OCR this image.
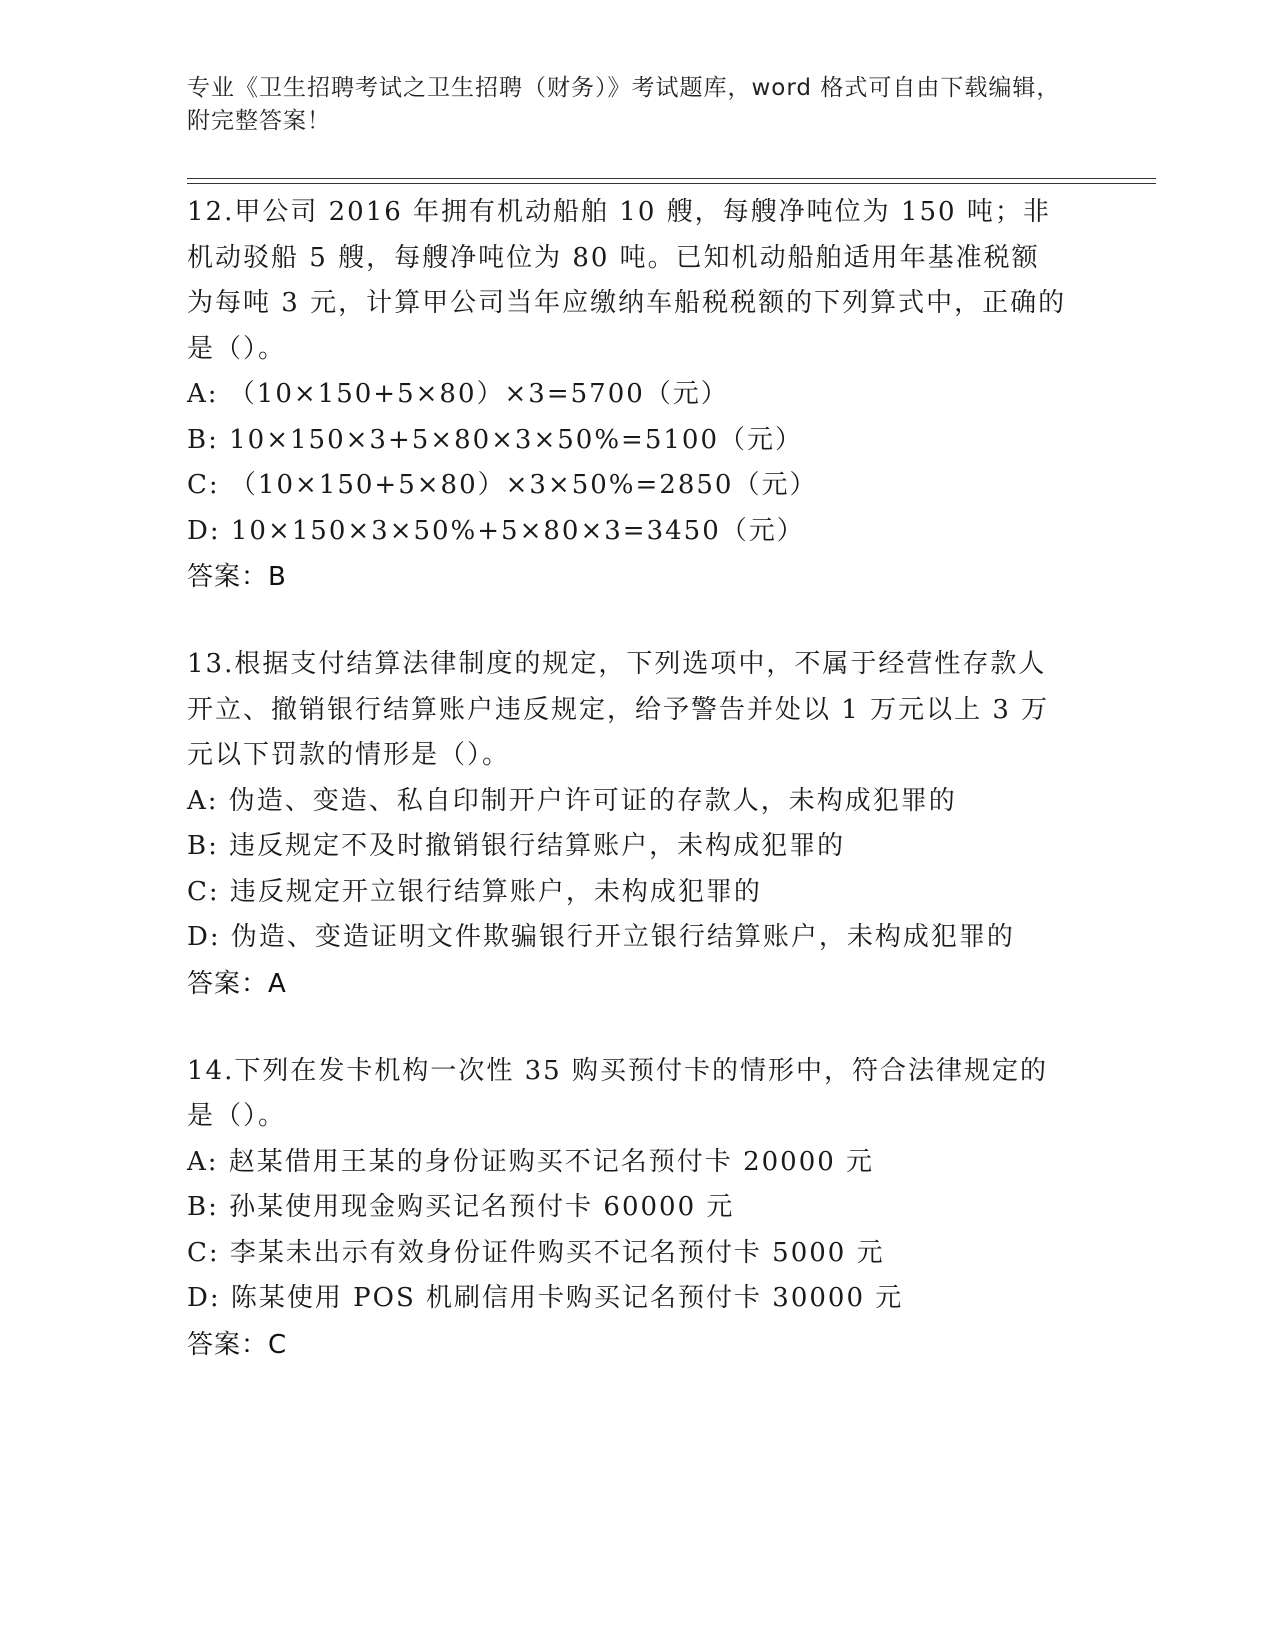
专业《卫生招聘考试之卫生招聘（财务）》考试题库，word 格式可自由下载编辑，附完整答案！

12.甲公司 2016 年拥有机动船舶 10 艘，每艘净吨位为 150 吨；非机动驳船 5 艘，每艘净吨位为 80 吨。已知机动船舶适用年基准税额为每吨 3 元，计算甲公司当年应缴纳车船税税额的下列算式中，正确的是（）。

A: （10×150+5×80）×3=5700（元）

B: 10×150×3+5×80×3×50%=5100（元）

C: （10×150+5×80）×3×50%=2850（元）

D: 10×150×3×50%+5×80×3=3450（元）

答案：B

13.根据支付结算法律制度的规定，下列选项中，不属于经营性存款人开立、撤销银行结算账户违反规定，给予警告并处以 1 万元以上 3 万元以下罚款的情形是（）。

A: 伪造、变造、私自印制开户许可证的存款人，未构成犯罪的

B: 违反规定不及时撤销银行结算账户，未构成犯罪的

C: 违反规定开立银行结算账户，未构成犯罪的

D: 伪造、变造证明文件欺骗银行开立银行结算账户，未构成犯罪的

答案：A

14.下列在发卡机构一次性 35 购买预付卡的情形中，符合法律规定的是（）。

A: 赵某借用王某的身份证购买不记名预付卡 20000 元

B: 孙某使用现金购买记名预付卡 60000 元

C: 李某未出示有效身份证件购买不记名预付卡 5000 元

D: 陈某使用 POS 机刷信用卡购买记名预付卡 30000 元

答案：C
